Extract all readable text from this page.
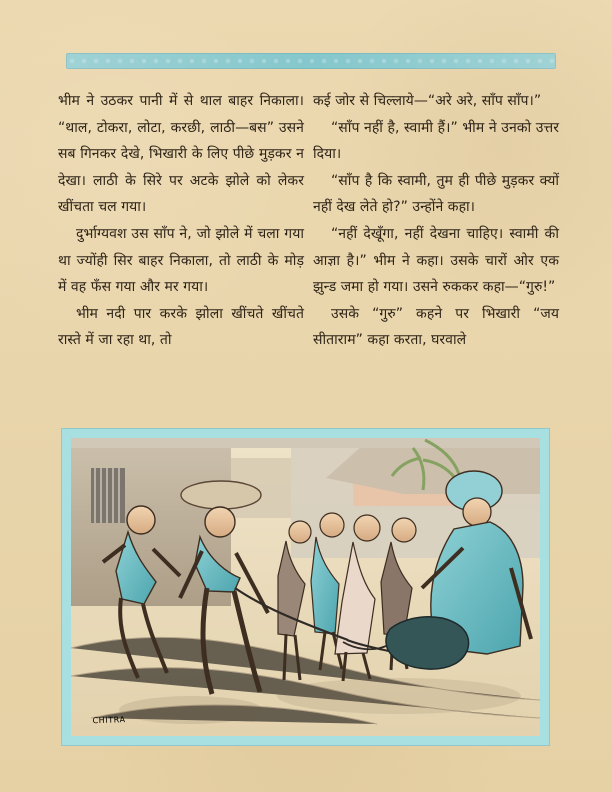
भीम ने उठकर पानी में से थाल बाहर निकाला। “थाल, टोकरा, लोटा, करछी, लाठी—बस” उसने सब गिनकर देखे, भिखारी के लिए पीछे मुड़कर न देखा। लाठी के सिरे पर अटके झोले को लेकर खींचता चल गया।

दुर्भाग्यवश उस साँप ने, जो झोले में चला गया था ज्योंही सिर बाहर निकाला, तो लाठी के मोड़ में वह फँस गया और मर गया।

भीम नदी पार करके झोला खींचते खींचते रास्ते में जा रहा था, तो

कई जोर से चिल्लाये—“अरे अरे, साँप साँप।”

“साँप नहीं है, स्वामी हैं।” भीम ने उनको उत्तर दिया।

“साँप है कि स्वामी, तुम ही पीछे मुड़कर क्यों नहीं देख लेते हो?” उन्होंने कहा।

“नहीं देखूँगा, नहीं देखना चाहिए। स्वामी की आज्ञा है।” भीम ने कहा। उसके चारों ओर एक झुन्ड जमा हो गया। उसने रुककर कहा—“गुरु!”

उसके “गुरु” कहने पर भिखारी “जय सीताराम” कहा करता, घरवाले

CHITRA
